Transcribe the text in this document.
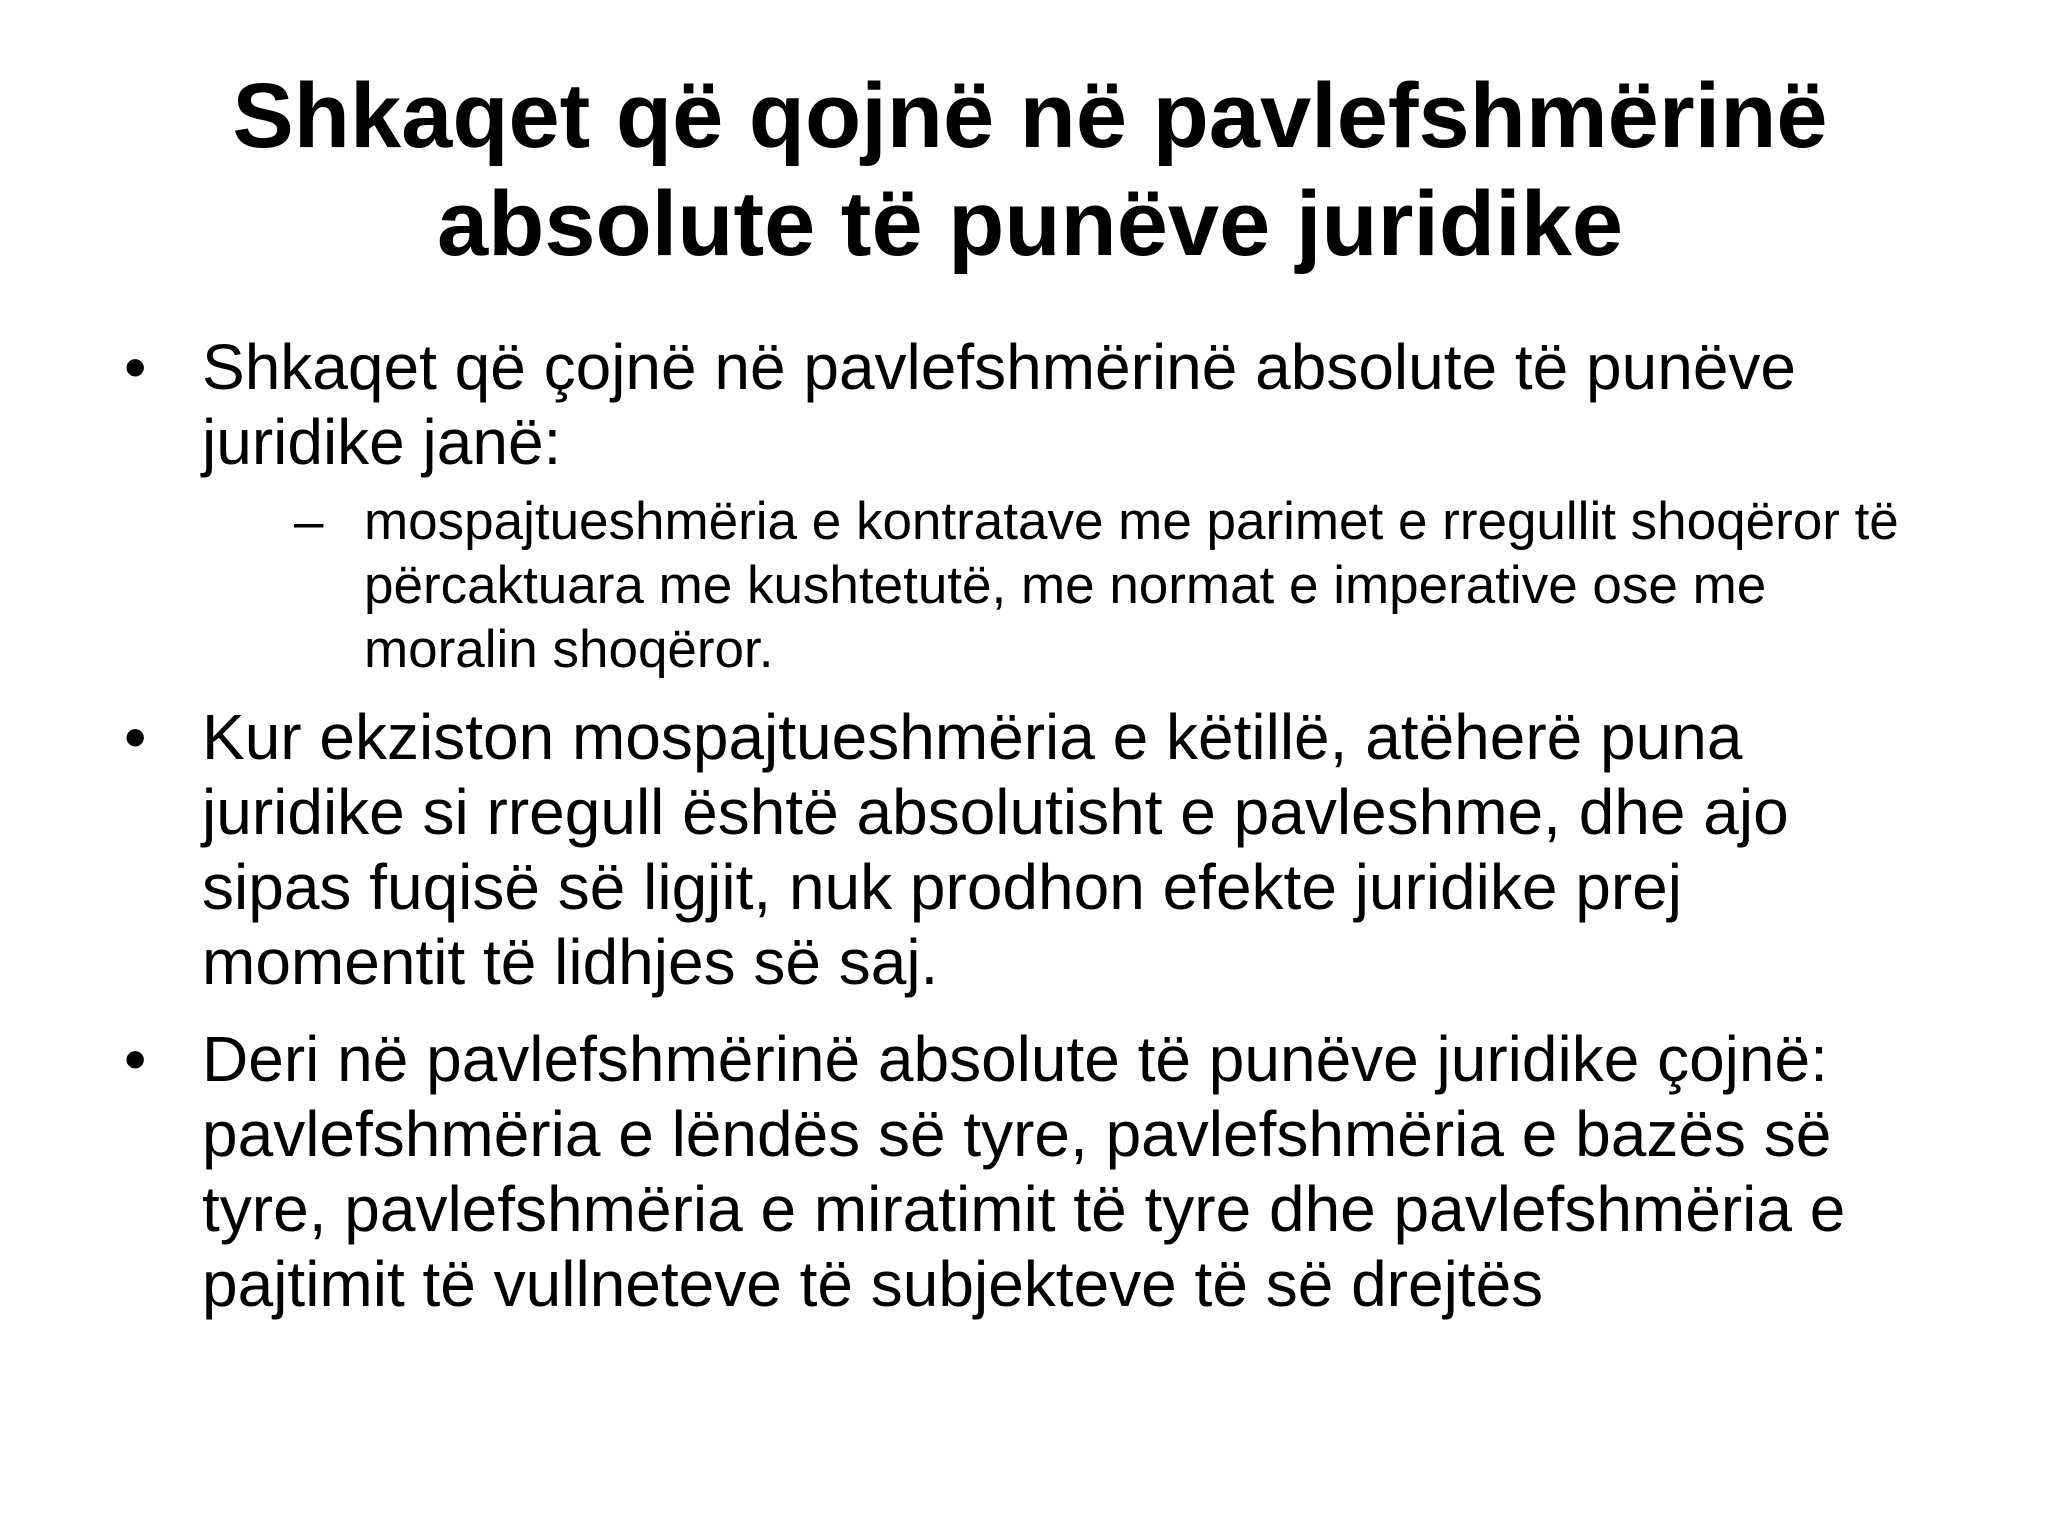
Shkaqet që qojnë në pavlefshmërinë
absolute të punëve juridike
• Shkaqet që çojnë në pavlefshmërinë absolute të punëve juridike janë:
– mospajtueshmëria e kontratave me parimet e rregullit shoqëror të përcaktuara me kushtetutë, me normat e imperative ose me moralin shoqëror.
• Kur ekziston mospajtueshmëria e këtillë, atëherë puna juridike si rregull është absolutisht e pavleshme, dhe ajo sipas fuqisë së ligjit, nuk prodhon efekte juridike prej momentit të lidhjes së saj.
• Deri në pavlefshmërinë absolute të punëve juridike çojnë: pavlefshmëria e lëndës së tyre, pavlefshmëria e bazës së tyre, pavlefshmëria e miratimit të tyre dhe pavlefshmëria e pajtimit të vullneteve të subjekteve të së drejtës
